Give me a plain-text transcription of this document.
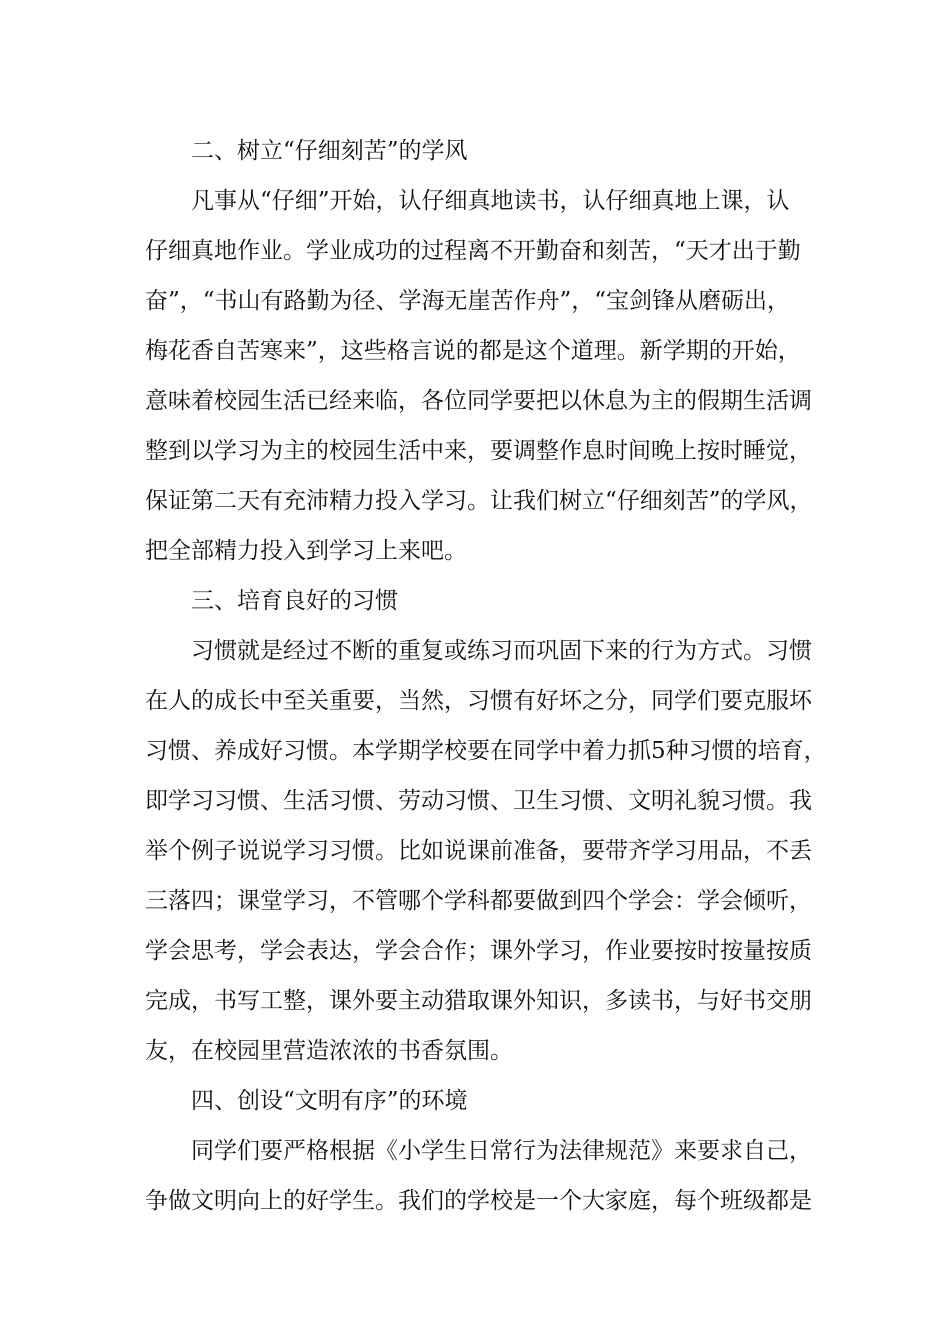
二、树立“仔细刻苦”的学风
凡事从“仔细”开始，认仔细真地读书，认仔细真地上课，认
仔细真地作业。学业成功的过程离不开勤奋和刻苦，“天才出于勤
奋”，“书山有路勤为径、学海无崖苦作舟”，“宝剑锋从磨砺出，
梅花香自苦寒来”，这些格言说的都是这个道理。新学期的开始，
意味着校园生活已经来临，各位同学要把以休息为主的假期生活调
整到以学习为主的校园生活中来，要调整作息时间晚上按时睡觉，
保证第二天有充沛精力投入学习。让我们树立“仔细刻苦”的学风，
把全部精力投入到学习上来吧。
三、培育良好的习惯
习惯就是经过不断的重复或练习而巩固下来的行为方式。习惯
在人的成长中至关重要，当然，习惯有好坏之分，同学们要克服坏
习惯、养成好习惯。本学期学校要在同学中着力抓5种习惯的培育，
即学习习惯、生活习惯、劳动习惯、卫生习惯、文明礼貌习惯。我
举个例子说说学习习惯。比如说课前准备，要带齐学习用品，不丢
三落四；课堂学习，不管哪个学科都要做到四个学会：学会倾听，
学会思考，学会表达，学会合作；课外学习，作业要按时按量按质
完成，书写工整，课外要主动猎取课外知识，多读书，与好书交朋
友，在校园里营造浓浓的书香氛围。
四、创设“文明有序”的环境
同学们要严格根据《小学生日常行为法律规范》来要求自己，
争做文明向上的好学生。我们的学校是一个大家庭，每个班级都是
